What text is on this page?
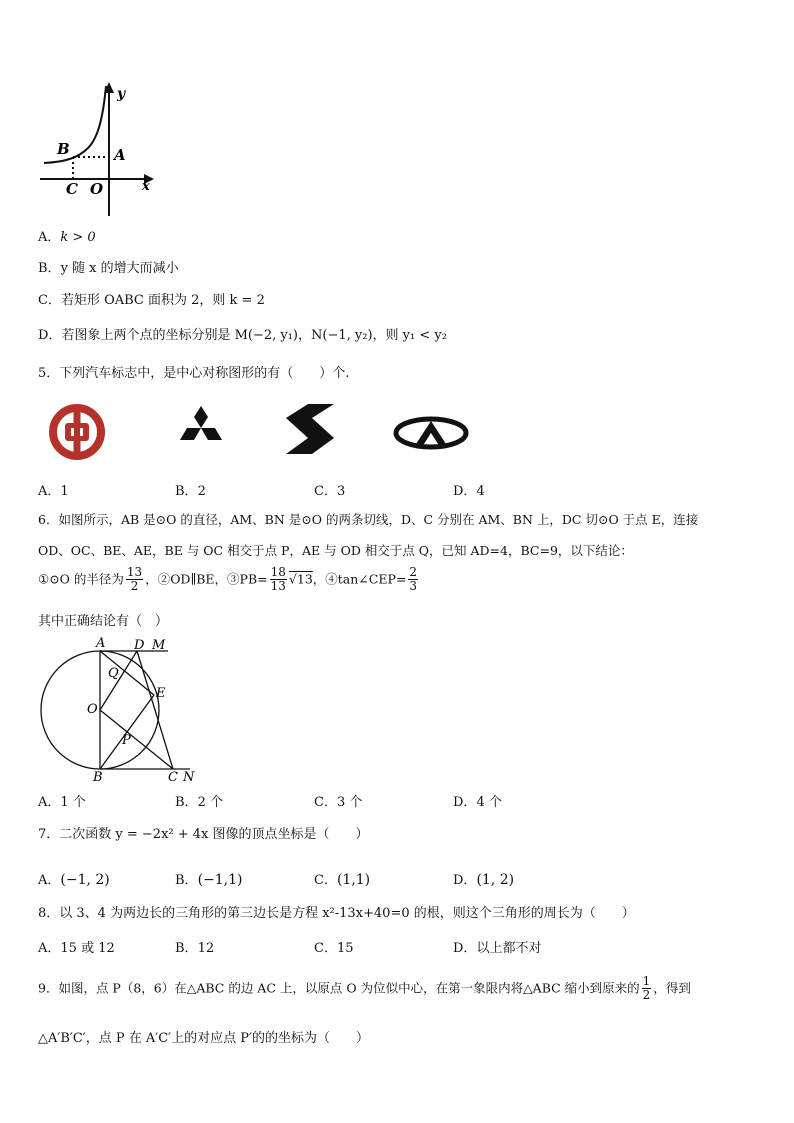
y
x
B	A
C O
A．k > 0
B．y 随 x 的增大而减小
C．若矩形 OABC 面积为 2，则 k = 2
D．若图象上两个点的坐标分别是 M(−2, y₁)，N(−1, y₂)，则 y₁ < y₂
5．下列汽车标志中，是中心对称图形的有（　　）个.
A．1	B．2	C．3	D．4
6．如图所示，AB 是⊙O 的直径，AM、BN 是⊙O 的两条切线，D、C 分别在 AM、BN 上，DC 切⊙O 于点 E，连接
OD、OC、BE、AE，BE 与 OC 相交于点 P，AE 与 OD 相交于点 Q，已知 AD=4，BC=9，以下结论：
①⊙O 的半径为 $\frac{13}{2}$ ，②OD∥BE，③PB= $\frac{18}{13} √13$，④tan∠CEP= $\frac{2}{3}$
其中正确结论有（　）
A D M
Q
E
O
P
B	C N
A．1 个	B．2 个	C．3 个	D．4 个
7．二次函数 y = −2x² + 4x 图像的顶点坐标是（　　）
A．(−1, 2)	B．(−1,1)	C．(1,1)	D．(1, 2)
8．以 3、4 为两边长的三角形的第三边长是方程 x²-13x+40=0 的根，则这个三角形的周长为（　　）
A．15 或 12	B．12	C．15	D．以上都不对
9．如图，点 P（8，6）在△ABC 的边 AC 上，以原点 O 为位似中心，在第一象限内将△ABC 缩小到原来的 $\frac{1}{2}$ ，得到
△A′B′C′，点 P 在 A′C′上的对应点 P′的的坐标为（　　）
